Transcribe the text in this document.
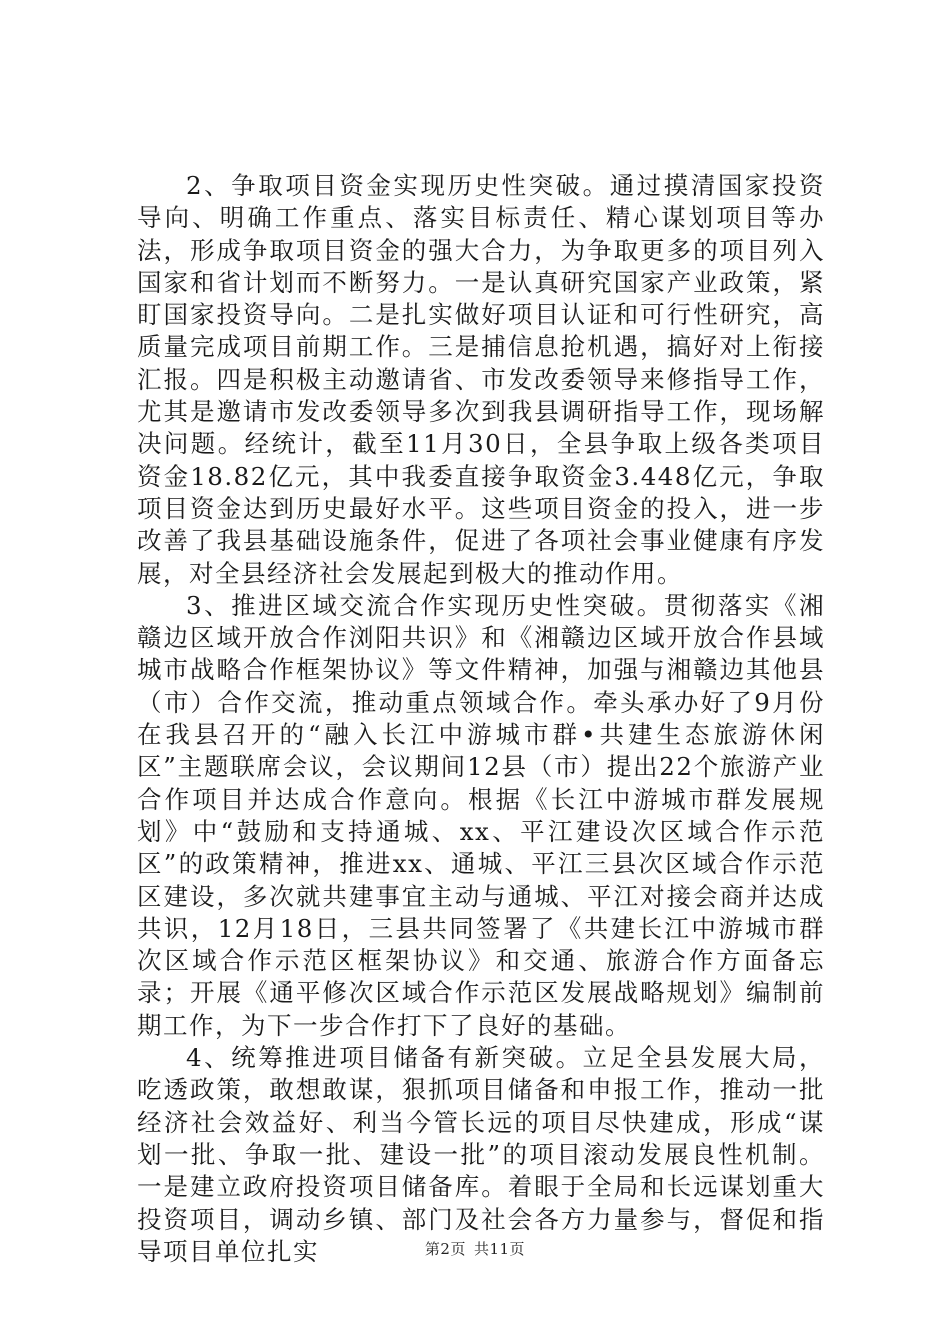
2、争取项目资金实现历史性突破。通过摸清国家投资导向、明确工作重点、落实目标责任、精心谋划项目等办法，形成争取项目资金的强大合力，为争取更多的项目列入国家和省计划而不断努力。一是认真研究国家产业政策，紧盯国家投资导向。二是扎实做好项目认证和可行性研究，高质量完成项目前期工作。三是捕信息抢机遇，搞好对上衔接汇报。四是积极主动邀请省、市发改委领导来修指导工作，尤其是邀请市发改委领导多次到我县调研指导工作，现场解决问题。经统计，截至11月30日，全县争取上级各类项目资金18.82亿元，其中我委直接争取资金3.448亿元，争取项目资金达到历史最好水平。这些项目资金的投入，进一步改善了我县基础设施条件，促进了各项社会事业健康有序发展，对全县经济社会发展起到极大的推动作用。

3、推进区域交流合作实现历史性突破。贯彻落实《湘赣边区域开放合作浏阳共识》和《湘赣边区域开放合作县域城市战略合作框架协议》等文件精神，加强与湘赣边其他县（市）合作交流，推动重点领域合作。牵头承办好了9月份在我县召开的“融入长江中游城市群•共建生态旅游休闲区”主题联席会议，会议期间12县（市）提出22个旅游产业合作项目并达成合作意向。根据《长江中游城市群发展规划》中“鼓励和支持通城、xx、平江建设次区域合作示范区”的政策精神，推进xx、通城、平江三县次区域合作示范区建设，多次就共建事宜主动与通城、平江对接会商并达成共识，12月18日，三县共同签署了《共建长江中游城市群次区域合作示范区框架协议》和交通、旅游合作方面备忘录；开展《通平修次区域合作示范区发展战略规划》编制前期工作，为下一步合作打下了良好的基础。

4、统筹推进项目储备有新突破。立足全县发展大局，吃透政策，敢想敢谋，狠抓项目储备和申报工作，推动一批经济社会效益好、利当今管长远的项目尽快建成，形成“谋划一批、争取一批、建设一批”的项目滚动发展良性机制。一是建立政府投资项目储备库。着眼于全局和长远谋划重大投资项目，调动乡镇、部门及社会各方力量参与，督促和指导项目单位扎实	第2页 共11页
